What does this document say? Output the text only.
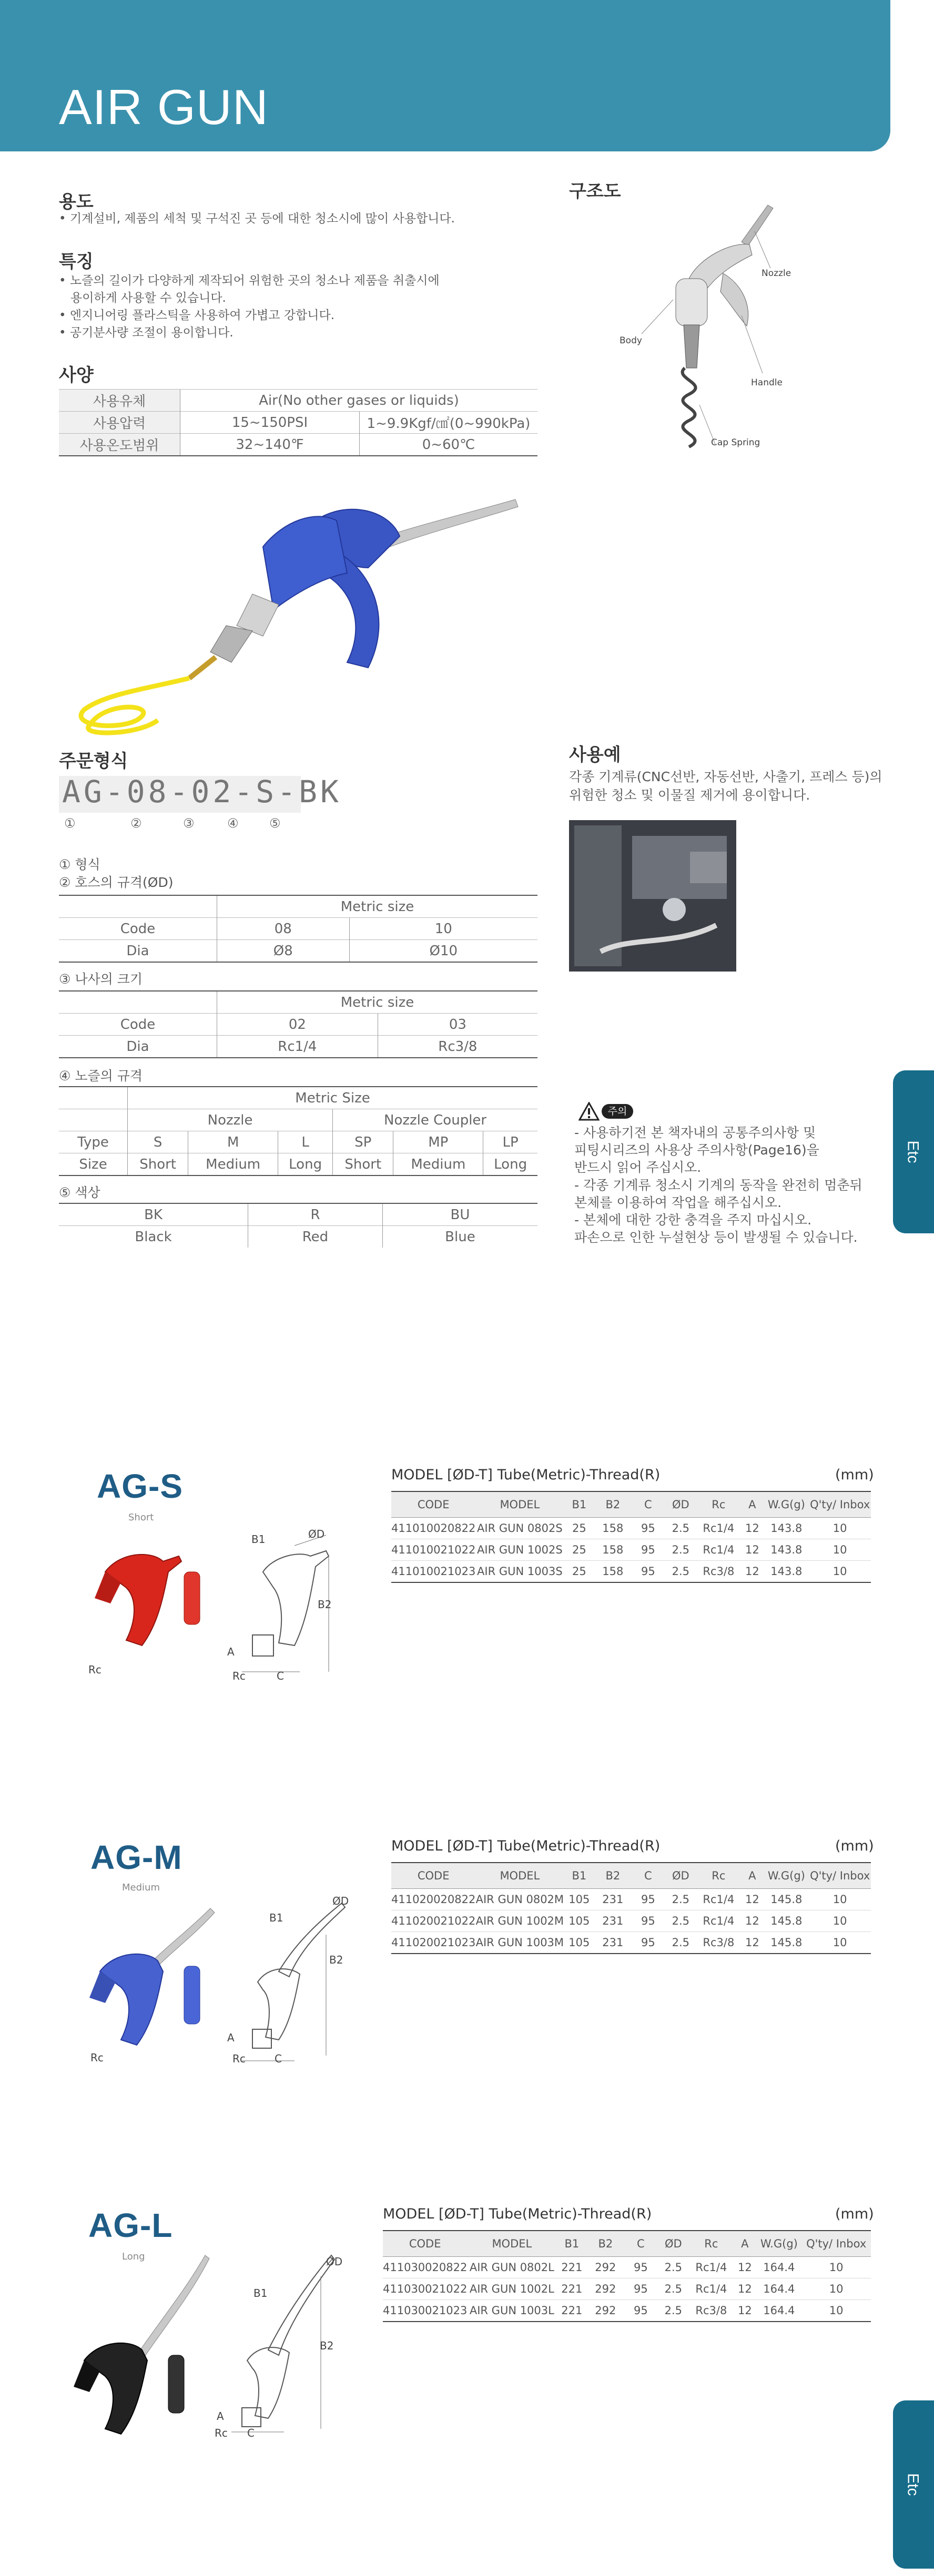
AIR GUN
용도
• 기계설비, 제품의 세척 및 구석진 곳 등에 대한 청소시에 많이 사용합니다.
특징
• 노즐의 길이가 다양하게 제작되어 위험한 곳의 청소나 제품을 취출시에
용이하게 사용할 수 있습니다.
• 엔지니어링 플라스틱을 사용하여 가볍고 강합니다.
• 공기분사량 조절이 용이합니다.
사양
사용유체	Air(No other gases or liquids)	
사용압력	15~150PSI	1~9.9Kgf/㎠(0~990kPa)
사용온도범위	32~140℉	0~60℃
구조도
Nozzle
Body
Handle
Cap Spring
주문형식
AG-08-02-S-BK
①	②	③	④ ⑤
① 형식
② 호스의 규격(ØD)
	Metric size	
Code	08	10
Dia	Ø8	Ø10
③ 나사의 크기
	Metric size	
Code	02	03
Dia	Rc1/4	Rc3/8
④ 노즐의 규격
	Metric Size					
	Nozzle			Nozzle Coupler		
Type	S	M	L	SP	MP	LP
Size	Short	Medium	Long	Short	Medium	Long
⑤ 색상
BK	R	BU
Black	Red	Blue
사용예
각종 기계류(CNC선반, 자동선반, 사출기, 프레스 등)의
위험한 청소 및 이물질 제거에 용이합니다.
주의
- 사용하기전 본 책자내의 공통주의사항 및
피팅시리즈의 사용상 주의사항(Page16)을
반드시 읽어 주십시오.
- 각종 기계류 청소시 기계의 동작을 완전히 멈춘뒤
본체를 이용하여 작업을 해주십시오.
- 본체에 대한 강한 충격을 주지 마십시오.
파손으로 인한 누설현상 등이 발생될 수 있습니다.
Etc
Etc
AG-S
Short
Rc
B1	ØD
B2
A
Rc	C
MODEL [ØD-T] Tube(Metric)-Thread(R)	(mm)
CODE	MODEL	B1	B2	C	ØD	Rc	A	W.G(g)	Q'ty/ Inbox
411010020822	AIR GUN 0802S	25	158	95	2.5	Rc1/4	12	143.8	10
411010021022	AIR GUN 1002S	25	158	95	2.5	Rc1/4	12	143.8	10
411010021023	AIR GUN 1003S	25	158	95	2.5	Rc3/8	12	143.8	10
AG-M
Medium
Rc
B1
ØD
B2
A
Rc	C
MODEL [ØD-T] Tube(Metric)-Thread(R)	(mm)
CODE	MODEL	B1	B2	C	ØD	Rc	A	W.G(g)	Q'ty/ Inbox
411020020822	AIR GUN 0802M	105	231	95	2.5	Rc1/4	12	145.8	10
411020021022	AIR GUN 1002M	105	231	95	2.5	Rc1/4	12	145.8	10
411020021023	AIR GUN 1003M	105	231	95	2.5	Rc3/8	12	145.8	10
AG-L
Long
B1
ØD
B2
A
Rc C
MODEL [ØD-T] Tube(Metric)-Thread(R)	(mm)
CODE	MODEL	B1	B2	C	ØD	Rc	A	W.G(g)	Q'ty/ Inbox
411030020822	AIR GUN 0802L	221	292	95	2.5	Rc1/4	12	164.4	10
411030021022	AIR GUN 1002L	221	292	95	2.5	Rc1/4	12	164.4	10
411030021023	AIR GUN 1003L	221	292	95	2.5	Rc3/8	12	164.4	10
